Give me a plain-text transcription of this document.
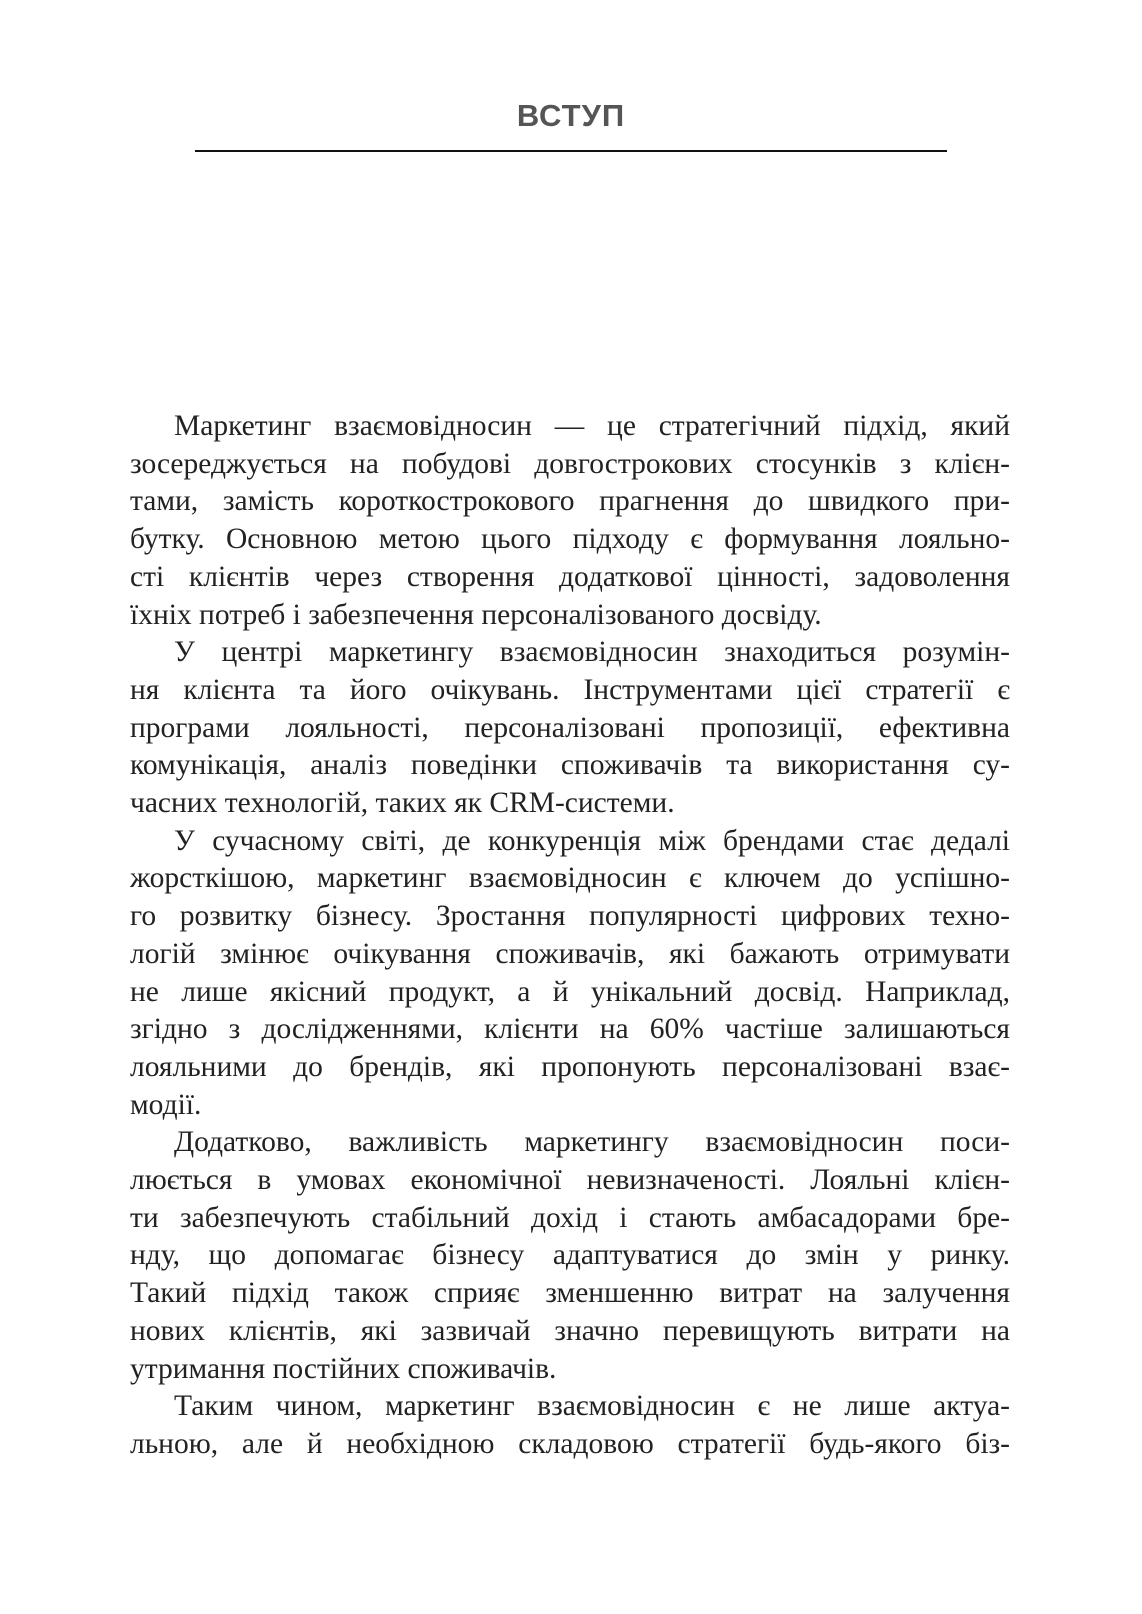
ВСТУП
Маркетинг взаємовідносин — це стратегічний підхід, який
зосереджується на побудові довгострокових стосунків з клієн-
тами, замість короткострокового прагнення до швидкого при-
бутку. Основною метою цього підходу є формування лояльно-
сті клієнтів через створення додаткової цінності, задоволення
їхніх потреб і забезпечення персоналізованого досвіду.
У центрі маркетингу взаємовідносин знаходиться розумін-
ня клієнта та його очікувань. Інструментами цієї стратегії є
програми лояльності, персоналізовані пропозиції, ефективна
комунікація, аналіз поведінки споживачів та використання су-
часних технологій, таких як CRM-системи.
У сучасному світі, де конкуренція між брендами стає дедалі
жорсткішою, маркетинг взаємовідносин є ключем до успішно-
го розвитку бізнесу. Зростання популярності цифрових техно-
логій змінює очікування споживачів, які бажають отримувати
не лише якісний продукт, а й унікальний досвід. Наприклад,
згідно з дослідженнями, клієнти на 60% частіше залишаються
лояльними до брендів, які пропонують персоналізовані взає-
модії.
Додатково, важливість маркетингу взаємовідносин поси-
люється в умовах економічної невизначеності. Лояльні клієн-
ти забезпечують стабільний дохід і стають амбасадорами бре-
нду, що допомагає бізнесу адаптуватися до змін у ринку.
Такий підхід також сприяє зменшенню витрат на залучення
нових клієнтів, які зазвичай значно перевищують витрати на
утримання постійних споживачів.
Таким чином, маркетинг взаємовідносин є не лише актуа-
льною, але й необхідною складовою стратегії будь-якого біз-
